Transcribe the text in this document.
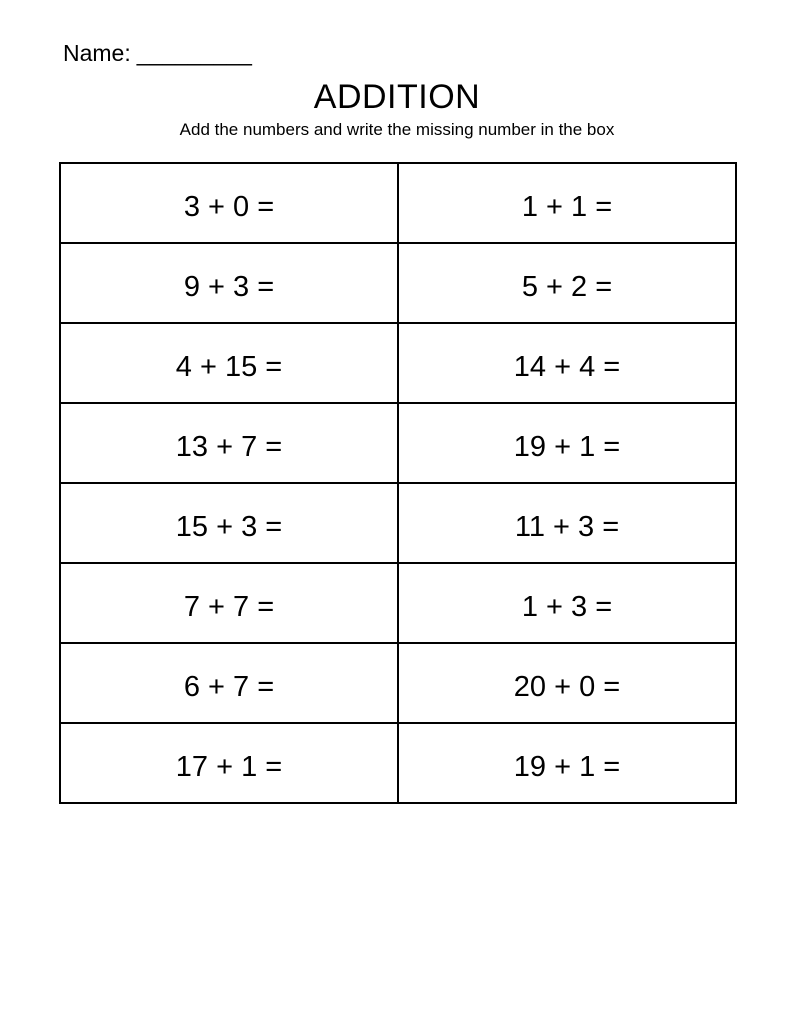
Name: _________
ADDITION
Add the numbers and write the missing number in the box
3 + 0 =	1 + 1 =
9 + 3 =	5 + 2 =
4 + 15 =	14 + 4 =
13 + 7 =	19 + 1 =
15 + 3 =	11 + 3 =
7 + 7 =	1 + 3 =
6 + 7 =	20 + 0 =
17 + 1 =	19 + 1 =
